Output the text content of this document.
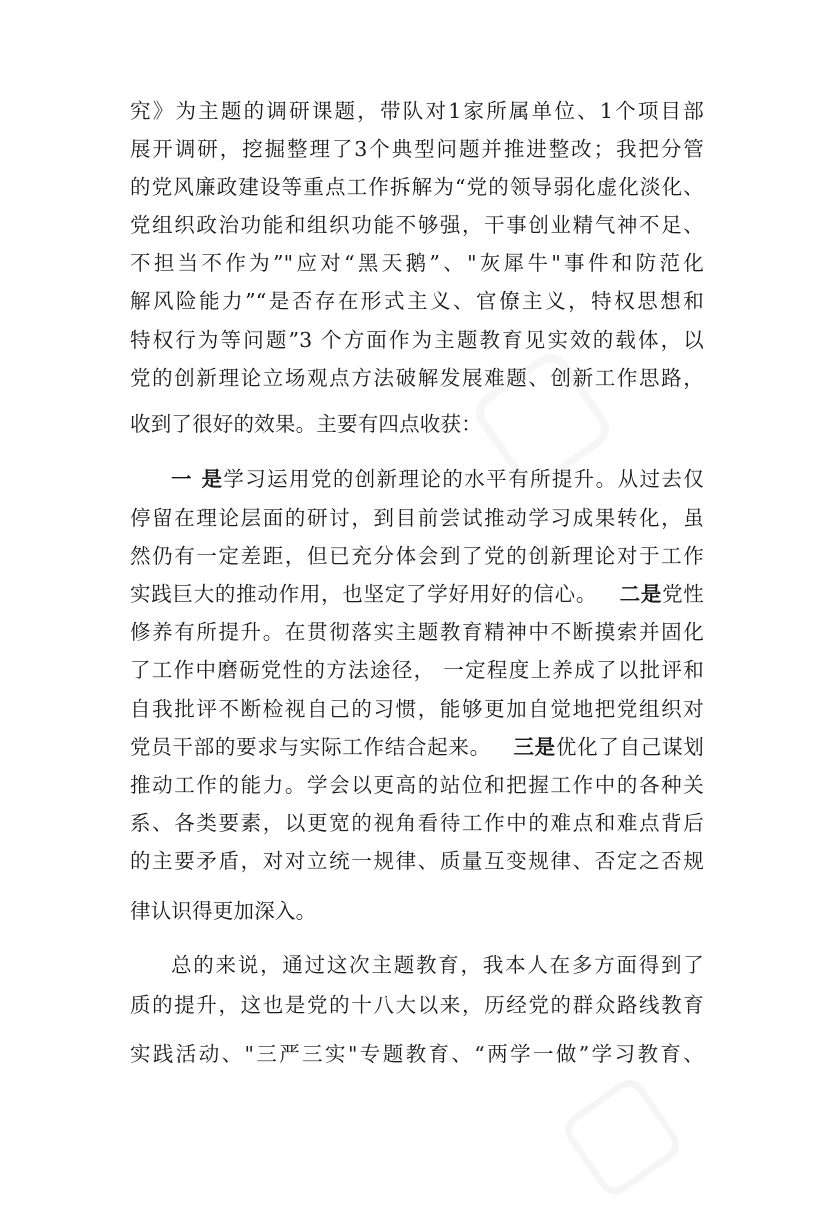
究》为主题的调研课题，带队对1家所属单位、1个项目部
展开调研，挖掘整理了3个典型问题并推进整改；我把分管
的党风廉政建设等重点工作拆解为“党的领导弱化虚化淡化、
党组织政治功能和组织功能不够强，干事创业精气神不足、
不担当不作为”"应对“黑天鹅”、"灰犀牛"事件和防范化
解风险能力”“是否存在形式主义、官僚主义，特权思想和
特权行为等问题”3 个方面作为主题教育见实效的载体，以
党的创新理论立场观点方法破解发展难题、创新工作思路，
收到了很好的效果。主要有四点收获：
一 是学习运用党的创新理论的水平有所提升。从过去仅
停留在理论层面的研讨，到目前尝试推动学习成果转化，虽
然仍有一定差距，但已充分体会到了党的创新理论对于工作
实践巨大的推动作用，也坚定了学好用好的信心。 二是党性
修养有所提升。在贯彻落实主题教育精神中不断摸索并固化
了工作中磨砺党性的方法途径， 一定程度上养成了以批评和
自我批评不断检视自己的习惯，能够更加自觉地把党组织对
党员干部的要求与实际工作结合起来。 三是优化了自己谋划
推动工作的能力。学会以更高的站位和把握工作中的各种关
系、各类要素，以更宽的视角看待工作中的难点和难点背后
的主要矛盾，对对立统一规律、质量互变规律、否定之否规
律认识得更加深入。
总的来说，通过这次主题教育，我本人在多方面得到了
质的提升，这也是党的十八大以来，历经党的群众路线教育
实践活动、"三严三实"专题教育、“两学一做”学习教育、
